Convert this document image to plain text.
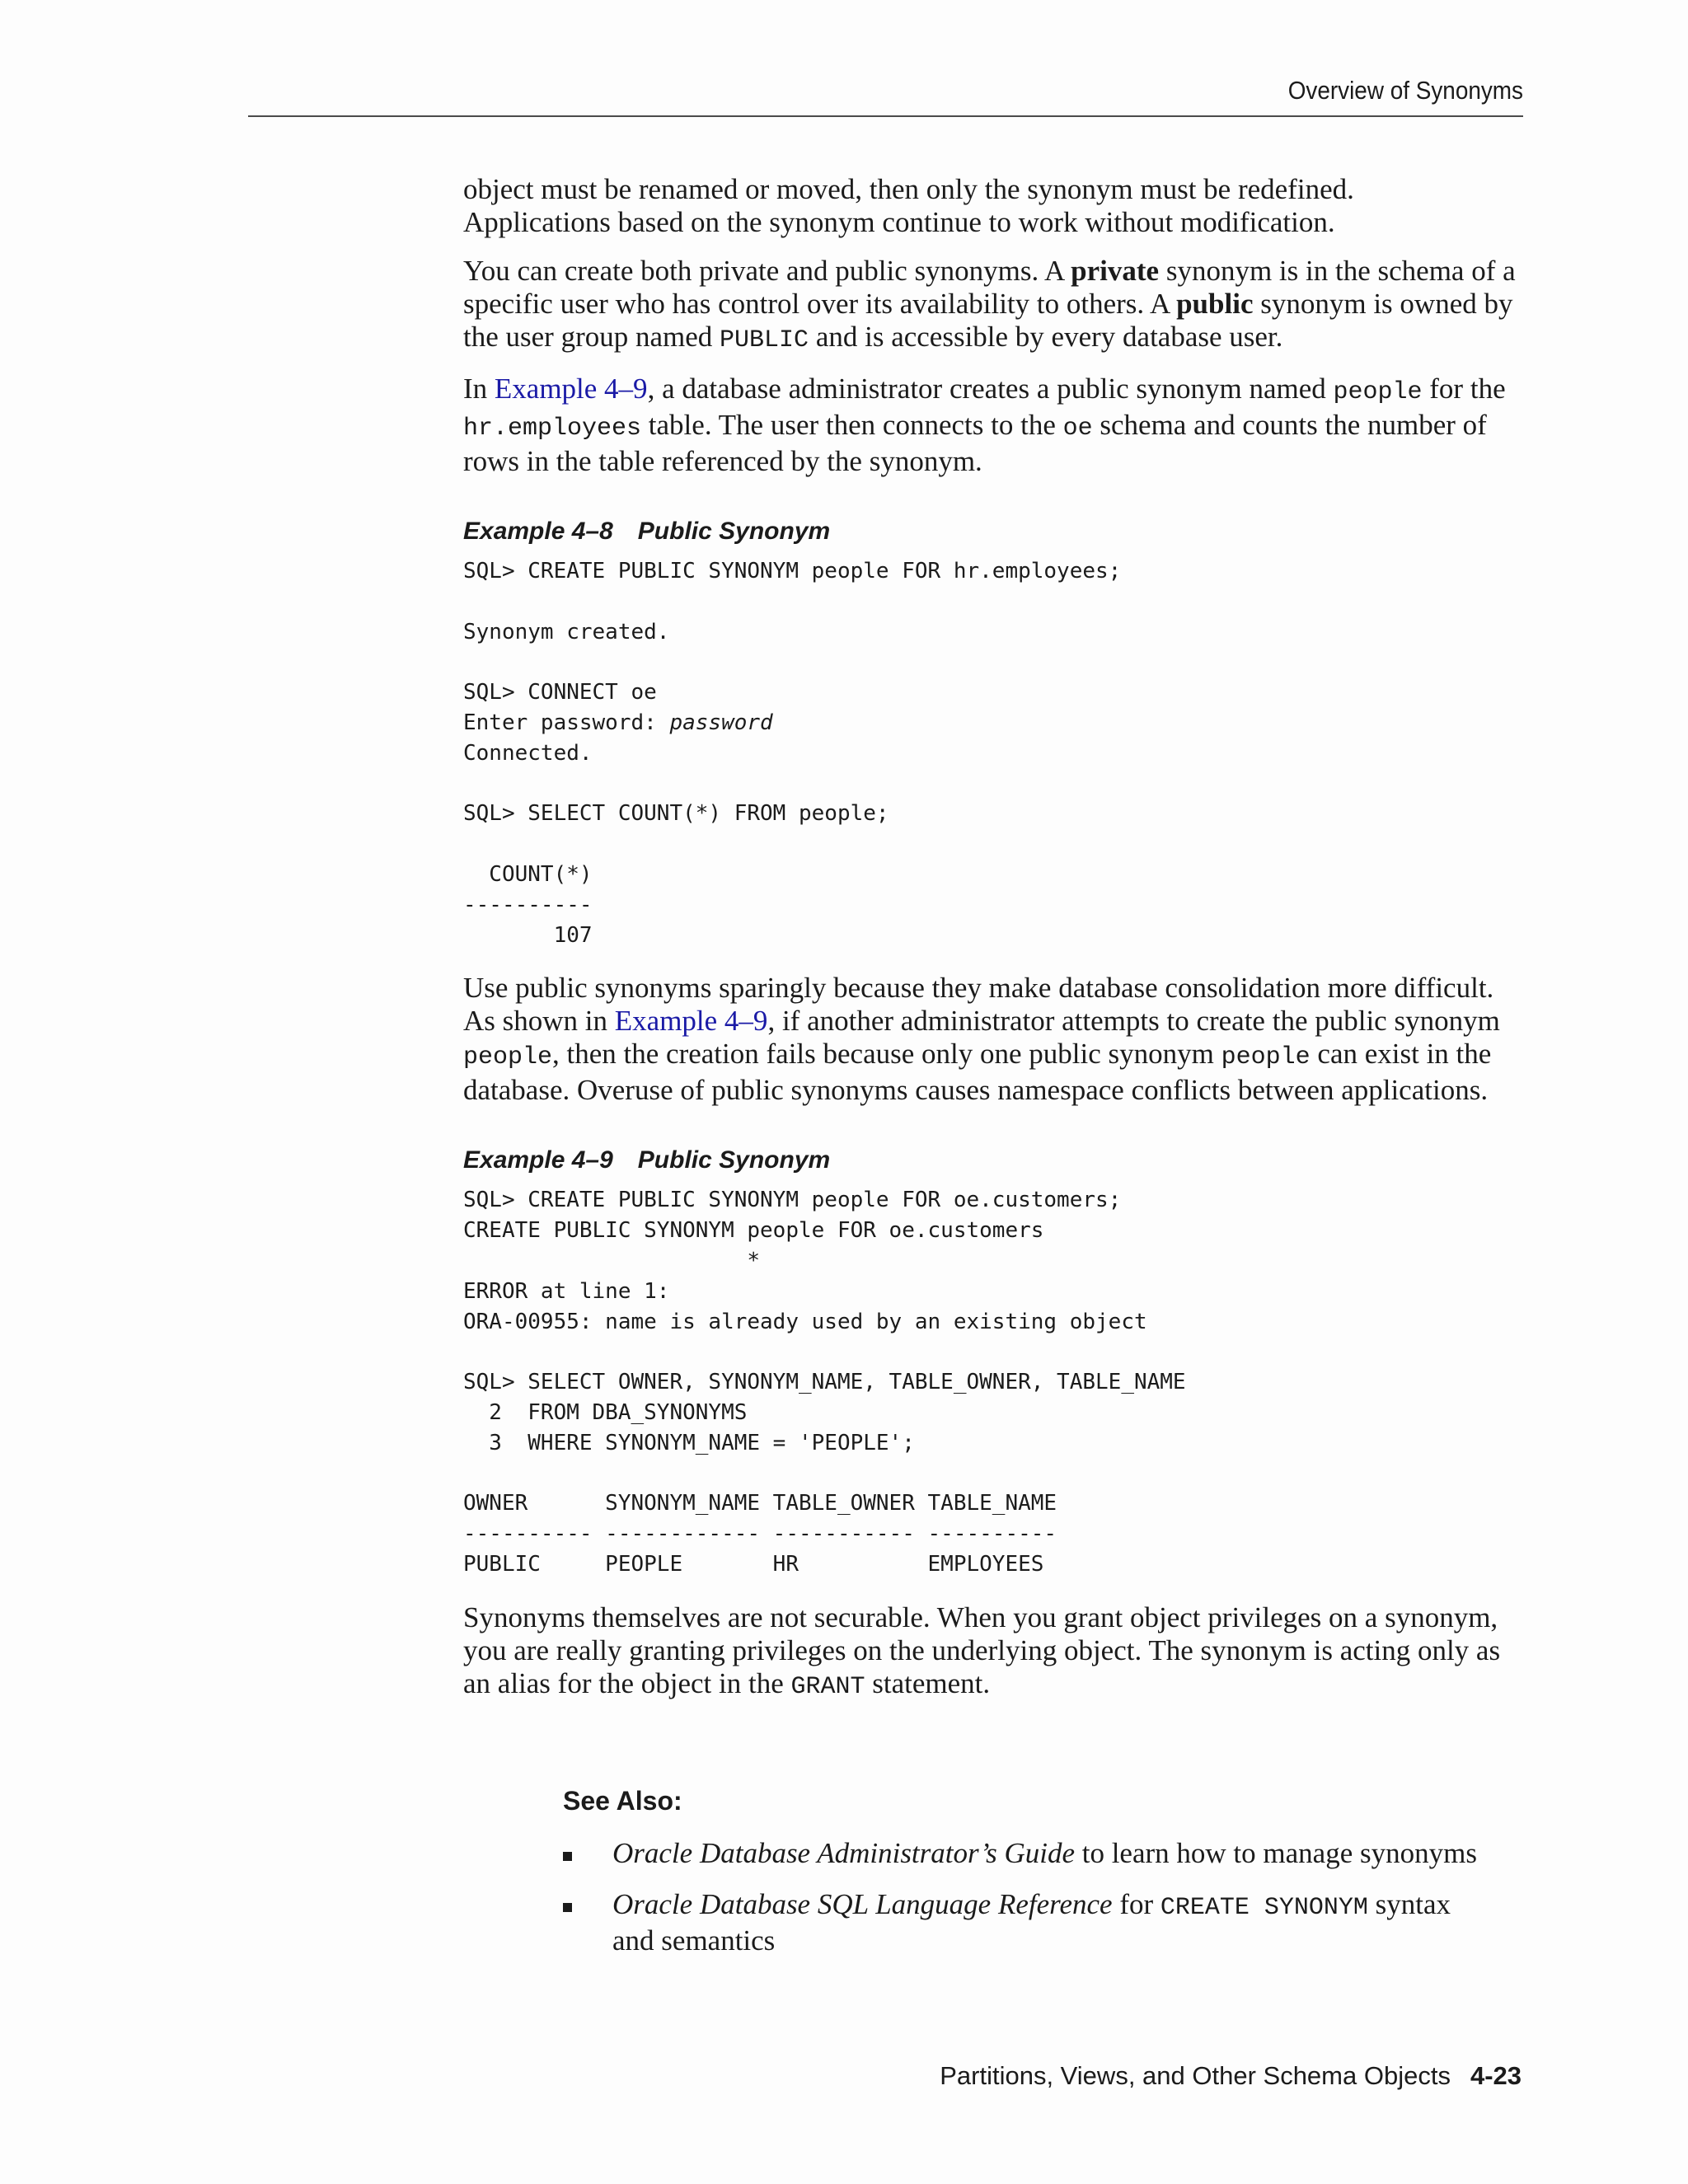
Overview of Synonyms

object must be renamed or moved, then only the synonym must be redefined.
Applications based on the synonym continue to work without modification.

You can create both private and public synonyms. A private synonym is in the schema of a specific user who has control over its availability to others. A public synonym is owned by the user group named PUBLIC and is accessible by every database user.

In Example 4–9, a database administrator creates a public synonym named people for the hr.employees table. The user then connects to the oe schema and counts the number of rows in the table referenced by the synonym.

Example 4–8 Public Synonym

SQL> CREATE PUBLIC SYNONYM people FOR hr.employees;

Synonym created.

SQL> CONNECT oe
Enter password: password
Connected.

SQL> SELECT COUNT(*) FROM people;

COUNT(*)
----------
107

Use public synonyms sparingly because they make database consolidation more difficult. As shown in Example 4–9, if another administrator attempts to create the public synonym people, then the creation fails because only one public synonym people can exist in the database. Overuse of public synonyms causes namespace conflicts between applications.

Example 4–9 Public Synonym

SQL> CREATE PUBLIC SYNONYM people FOR oe.customers;
CREATE PUBLIC SYNONYM people FOR oe.customers
*
ERROR at line 1:
ORA-00955: name is already used by an existing object

SQL> SELECT OWNER, SYNONYM_NAME, TABLE_OWNER, TABLE_NAME
2  FROM DBA_SYNONYMS
3  WHERE SYNONYM_NAME = 'PEOPLE';

OWNER      SYNONYM_NAME TABLE_OWNER TABLE_NAME
---------- ------------ ----------- ----------
PUBLIC     PEOPLE       HR          EMPLOYEES

Synonyms themselves are not securable. When you grant object privileges on a synonym, you are really granting privileges on the underlying object. The synonym is acting only as an alias for the object in the GRANT statement.

See Also:

Oracle Database Administrator’s Guide to learn how to manage synonyms
Oracle Database SQL Language Reference for CREATE SYNONYM syntax and semantics
Partitions, Views, and Other Schema Objects 4-23
